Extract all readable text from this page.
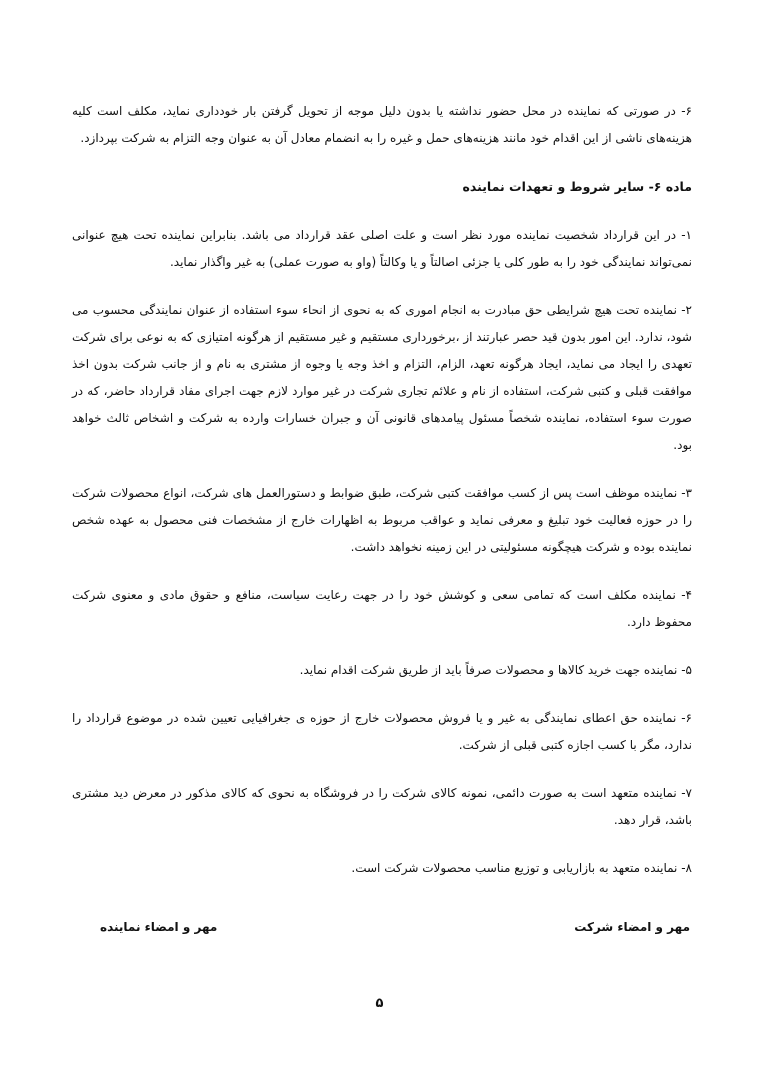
۶- در صورتی که نماینده در محل حضور نداشته یا بدون دلیل موجه از تحویل گرفتن بار خودداری نماید، مکلف است کلیه هزینه‌های ناشی از این اقدام خود مانند هزینه‌های حمل و غیره را به انضمام معادل آن به عنوان وجه التزام به شرکت بپردازد.

ماده ۶- سایر شروط و تعهدات نماینده

۱- در این قرارداد شخصیت نماینده مورد نظر است و علت اصلی عقد قرارداد می باشد. بنابراین نماینده تحت هیچ عنوانی نمی‌تواند نمایندگی خود را به طور کلی یا جزئی اصالتاً و یا وکالتاً (واو به صورت عملی) به غیر واگذار نماید.

۲- نماینده تحت هیچ شرایطی حق مبادرت به انجام اموری که به نحوی از انحاء سوء استفاده از عنوان نمایندگی محسوب می شود، ندارد. این امور بدون قید حصر عبارتند از ،برخورداری مستقیم و غیر مستقیم از هرگونه امتیازی که به نوعی برای شرکت تعهدی را ایجاد می نماید، ایجاد هرگونه تعهد، الزام، التزام و اخذ وجه یا وجوه از مشتری به نام و از جانب شرکت بدون اخذ موافقت قبلی و کتبی شرکت، استفاده از نام و علائم تجاری شرکت در غیر موارد لازم جهت اجرای مفاد قرارداد حاضر، که در صورت سوء استفاده، نماینده شخصاً مسئول پیامدهای قانونی آن و جبران خسارات وارده به شرکت و اشخاص ثالث خواهد بود.

۳- نماینده موظف است پس از کسب موافقت کتبی شرکت، طبق ضوابط و دستورالعمل های شرکت، انواع محصولات شرکت را در حوزه فعالیت خود تبلیغ و معرفی نماید و عواقب مربوط به اظهارات خارج از مشخصات فنی محصول به عهده شخص نماینده بوده و شرکت هیچگونه مسئولیتی در این زمینه نخواهد داشت.

۴- نماینده مکلف است که تمامی سعی و کوشش خود را در جهت رعایت سیاست، منافع و حقوق مادی و معنوی شرکت محفوظ دارد.

۵- نماینده جهت خرید کالاها و محصولات صرفاً باید از طریق شرکت اقدام نماید.

۶- نماینده حق اعطای نمایندگی به غیر و یا فروش محصولات خارج از حوزه ی جغرافیایی تعیین شده در موضوع قرارداد را ندارد، مگر با کسب اجازه کتبی قبلی از شرکت.

۷- نماینده متعهد است به صورت دائمی، نمونه کالای شرکت را در فروشگاه به نحوی که کالای مذکور در معرض دید مشتری باشد، قرار دهد.

۸- نماینده متعهد به بازاریابی و توزیع مناسب محصولات شرکت است.

مهر و امضاء شرکت
مهر و امضاء نماینده
۵
